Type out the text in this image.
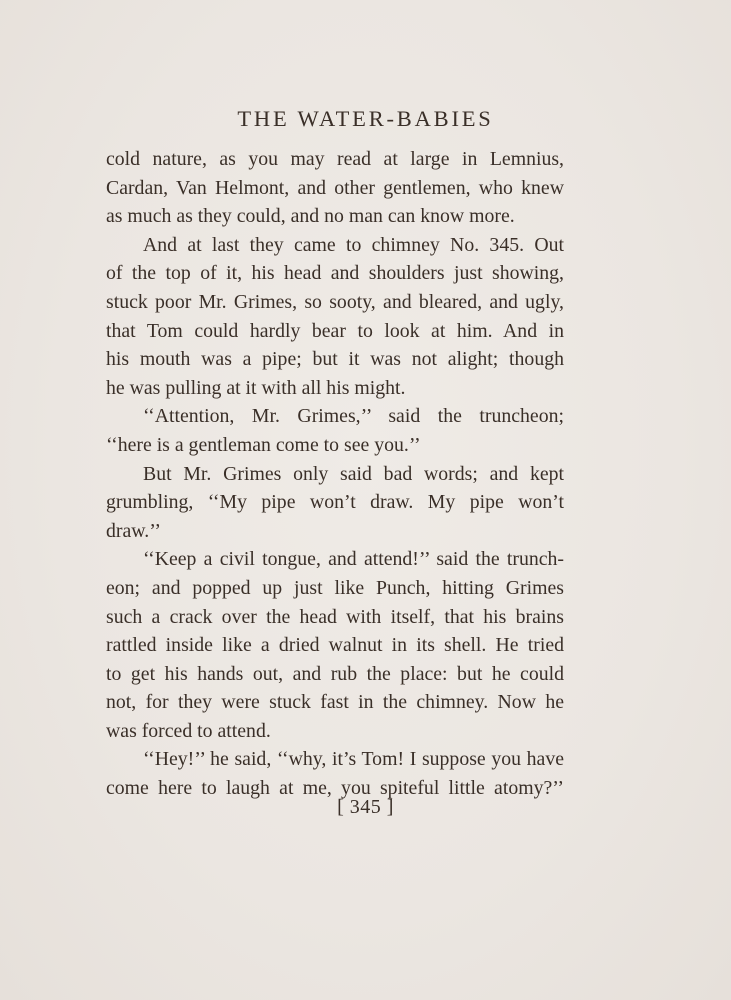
THE WATER-BABIES
cold nature, as you may read at large in Lemnius,
Cardan, Van Helmont, and other gentlemen, who knew
as much as they could, and no man can know more.
And at last they came to chimney No. 345. Out
of the top of it, his head and shoulders just showing,
stuck poor Mr. Grimes, so sooty, and bleared, and ugly,
that Tom could hardly bear to look at him. And in
his mouth was a pipe; but it was not alight; though
he was pulling at it with all his might.
‘‘Attention, Mr. Grimes,’’ said the truncheon;
‘‘here is a gentleman come to see you.’’
But Mr. Grimes only said bad words; and kept
grumbling, ‘‘My pipe won’t draw. My pipe won’t
draw.’’
‘‘Keep a civil tongue, and attend!’’ said the trunch-
eon; and popped up just like Punch, hitting Grimes
such a crack over the head with itself, that his brains
rattled inside like a dried walnut in its shell. He tried
to get his hands out, and rub the place: but he could
not, for they were stuck fast in the chimney. Now he
was forced to attend.
‘‘Hey!’’ he said, ‘‘why, it’s Tom! I suppose you have
come here to laugh at me, you spiteful little atomy?’’
[ 345 ]
